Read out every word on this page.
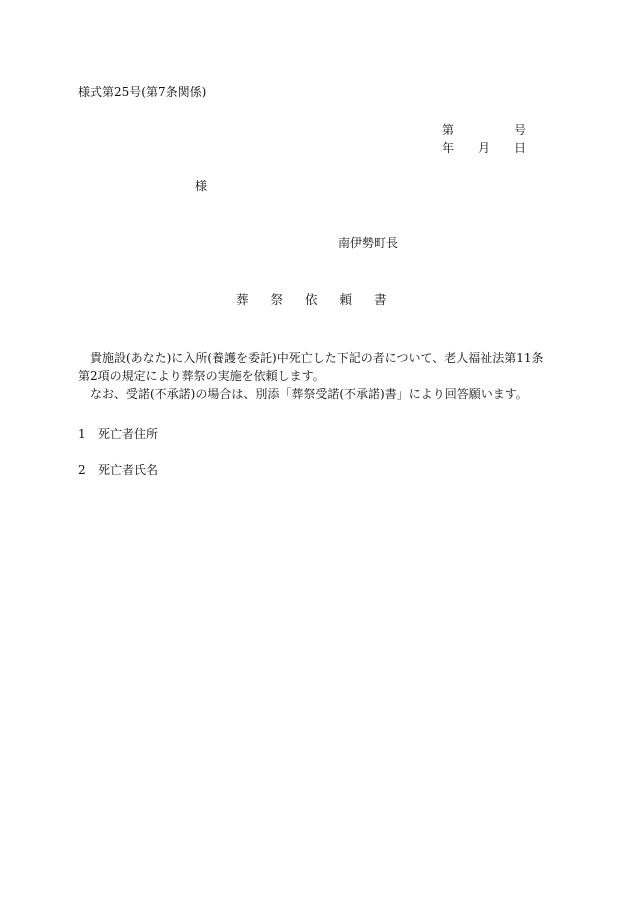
様式第25号(第7条関係)
第	号
年 月 日
様
南伊勢町長
葬祭依頼書

貴施設(あなた)に入所(養護を委託)中死亡した下記の者について、老人福祉法第11条第2項の規定により葬祭の実施を依頼します。

なお、受諾(不承諾)の場合は、別添「葬祭受諾(不承諾)書」により回答願います。

1 死亡者住所
2 死亡者氏名
